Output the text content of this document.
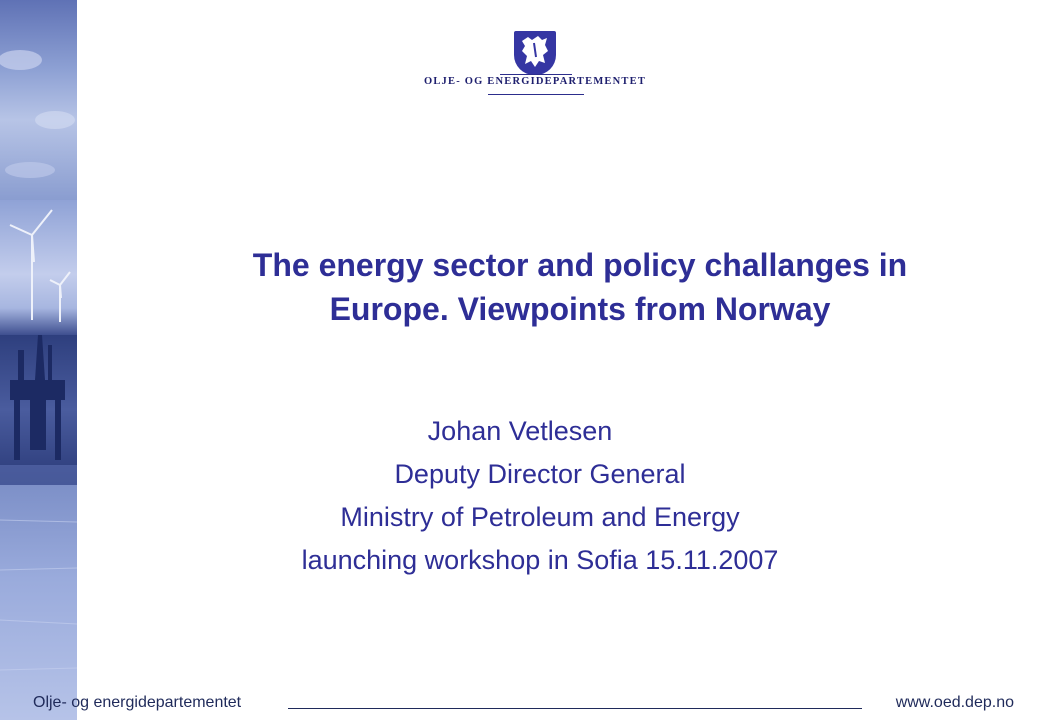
OLJE- OG ENERGIDEPARTEMENTET
The energy sector and policy challanges in
Europe. Viewpoints from Norway
Johan Vetlesen
Deputy Director General
Ministry of Petroleum and Energy
launching workshop in Sofia 15.11.2007
Olje- og energidepartementet	www.oed.dep.no
